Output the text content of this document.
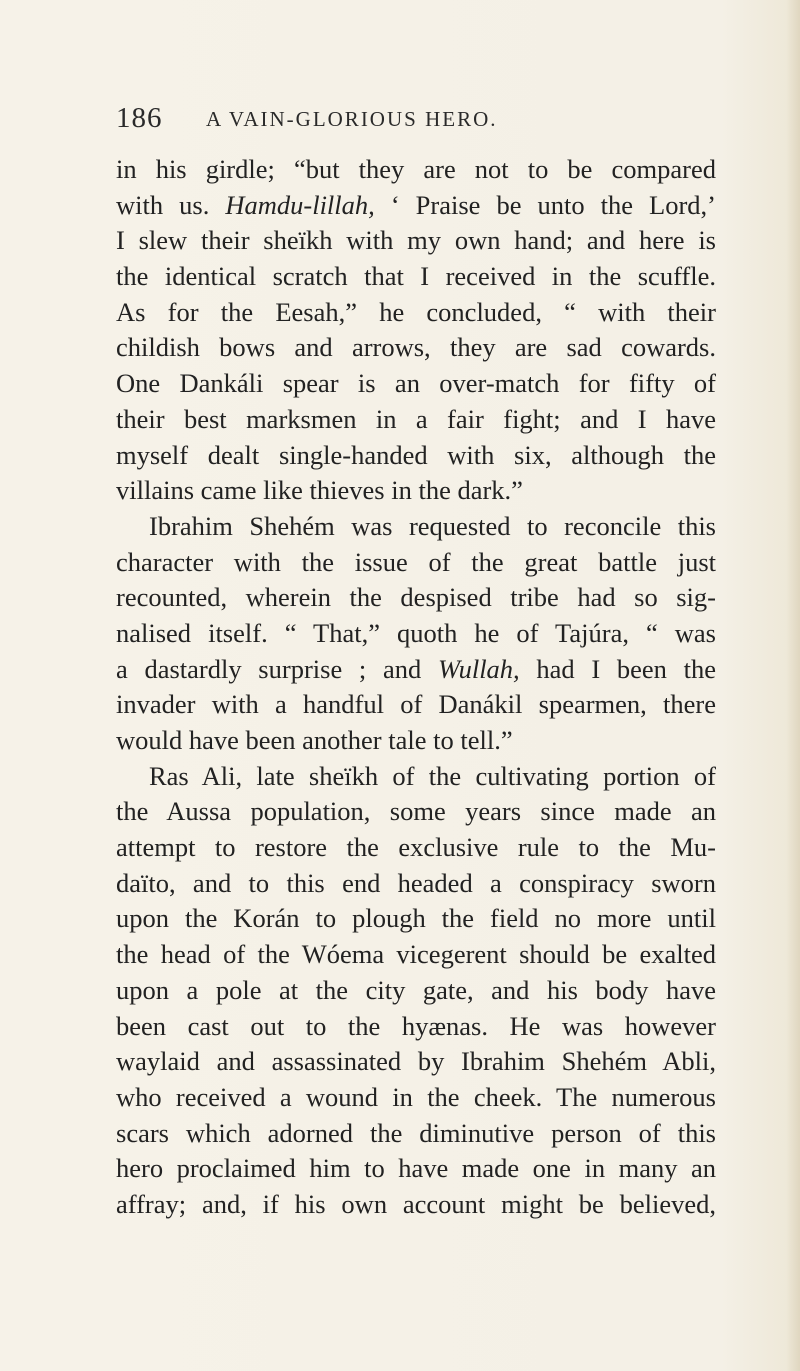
186 A VAIN-GLORIOUS HERO.
in his girdle; “but they are not to be compared
with us. Hamdu-lillah, ‘ Praise be unto the Lord,’
I slew their sheïkh with my own hand; and here is
the identical scratch that I received in the scuffle.
As for the Eesah,” he concluded, “ with their
childish bows and arrows, they are sad cowards.
One Dankáli spear is an over-match for fifty of
their best marksmen in a fair fight; and I have
myself dealt single-handed with six, although the
villains came like thieves in the dark.”
Ibrahim Shehém was requested to reconcile this
character with the issue of the great battle just
recounted, wherein the despised tribe had so sig-
nalised itself. “ That,” quoth he of Tajúra, “ was
a dastardly surprise ; and Wullah, had I been the
invader with a handful of Danákil spearmen, there
would have been another tale to tell.”
Ras Ali, late sheïkh of the cultivating portion of
the Aussa population, some years since made an
attempt to restore the exclusive rule to the Mu-
daïto, and to this end headed a conspiracy sworn
upon the Korán to plough the field no more until
the head of the Wóema vicegerent should be exalted
upon a pole at the city gate, and his body have
been cast out to the hyænas. He was however
waylaid and assassinated by Ibrahim Shehém Abli,
who received a wound in the cheek. The numerous
scars which adorned the diminutive person of this
hero proclaimed him to have made one in many an
affray; and, if his own account might be believed,
